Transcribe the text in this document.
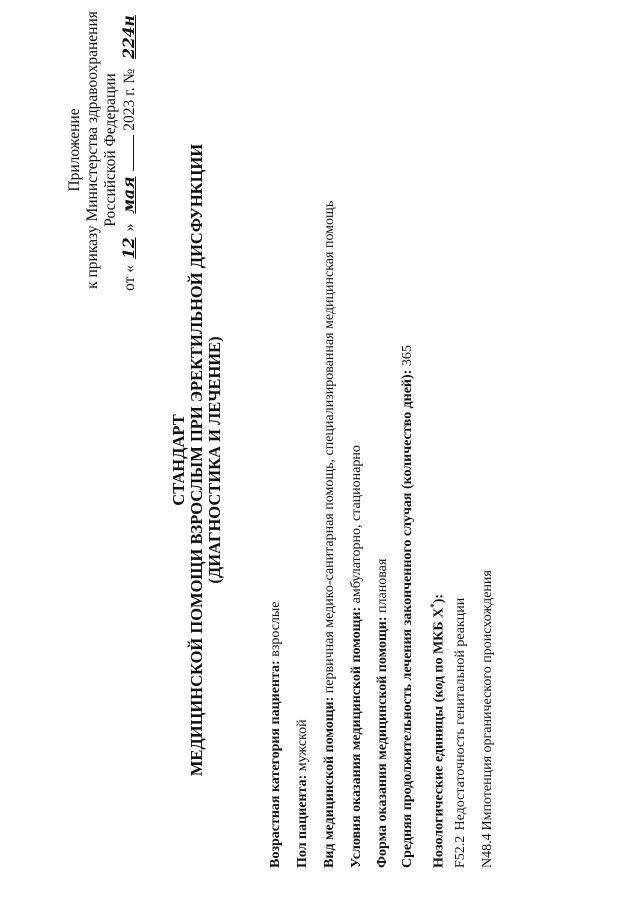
Приложение к приказу Министерства здравоохранения Российской Федерации
от «12» мая 2023 г. № 224н
СТАНДАРТ МЕДИЦИНСКОЙ ПОМОЩИ ВЗРОСЛЫМ ПРИ ЭРЕКТИЛЬНОЙ ДИСФУНКЦИИ (ДИАГНОСТИКА И ЛЕЧЕНИЕ)
Возрастная категория пациента: взрослые
Пол пациента: мужской Вид медицинской помощи: первичная медико-санитарная помощь, специализированная медицинская помощь
Условия оказания медицинской помощи: амбулаторно, стационарно
Форма оказания медицинской помощи: плановая Средняя продолжительность лечения законченного случая (количество дней): 365
Нозологические единицы (код по МКБ X*):
F52.2 Недостаточность генитальной реакции
N48.4 Импотенция органического происхождения
